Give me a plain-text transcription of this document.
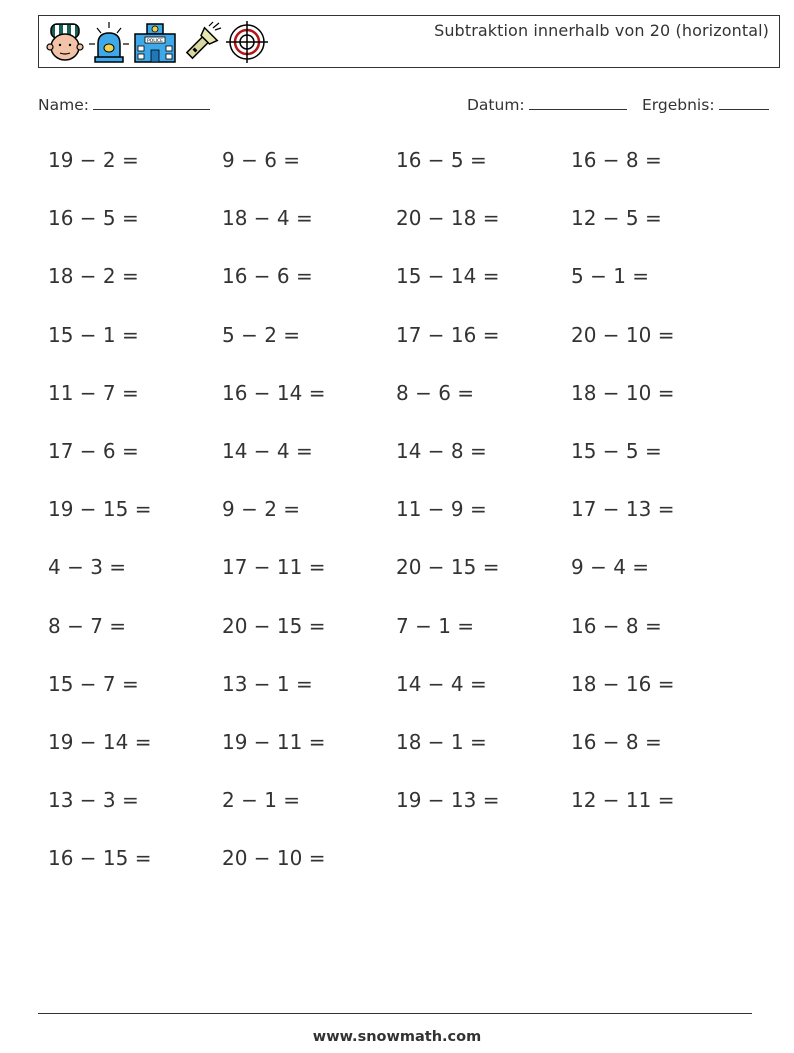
POLICE
Subtraktion innerhalb von 20 (horizontal)
Name:	Datum:	Ergebnis:
19 − 2 =	9 − 6 =	16 − 5 =	16 − 8 =
16 − 5 =	18 − 4 =	20 − 18 =	12 − 5 =
18 − 2 =	16 − 6 =	15 − 14 =	5 − 1 =
15 − 1 =	5 − 2 =	17 − 16 =	20 − 10 =
11 − 7 =	16 − 14 =	8 − 6 =	18 − 10 =
17 − 6 =	14 − 4 =	14 − 8 =	15 − 5 =
19 − 15 =	9 − 2 =	11 − 9 =	17 − 13 =
4 − 3 =	17 − 11 =	20 − 15 =	9 − 4 =
8 − 7 =	20 − 15 =	7 − 1 =	16 − 8 =
15 − 7 =	13 − 1 =	14 − 4 =	18 − 16 =
19 − 14 =	19 − 11 =	18 − 1 =	16 − 8 =
13 − 3 =	2 − 1 =	19 − 13 =	12 − 11 =
16 − 15 =	20 − 10 =
www.snowmath.com
